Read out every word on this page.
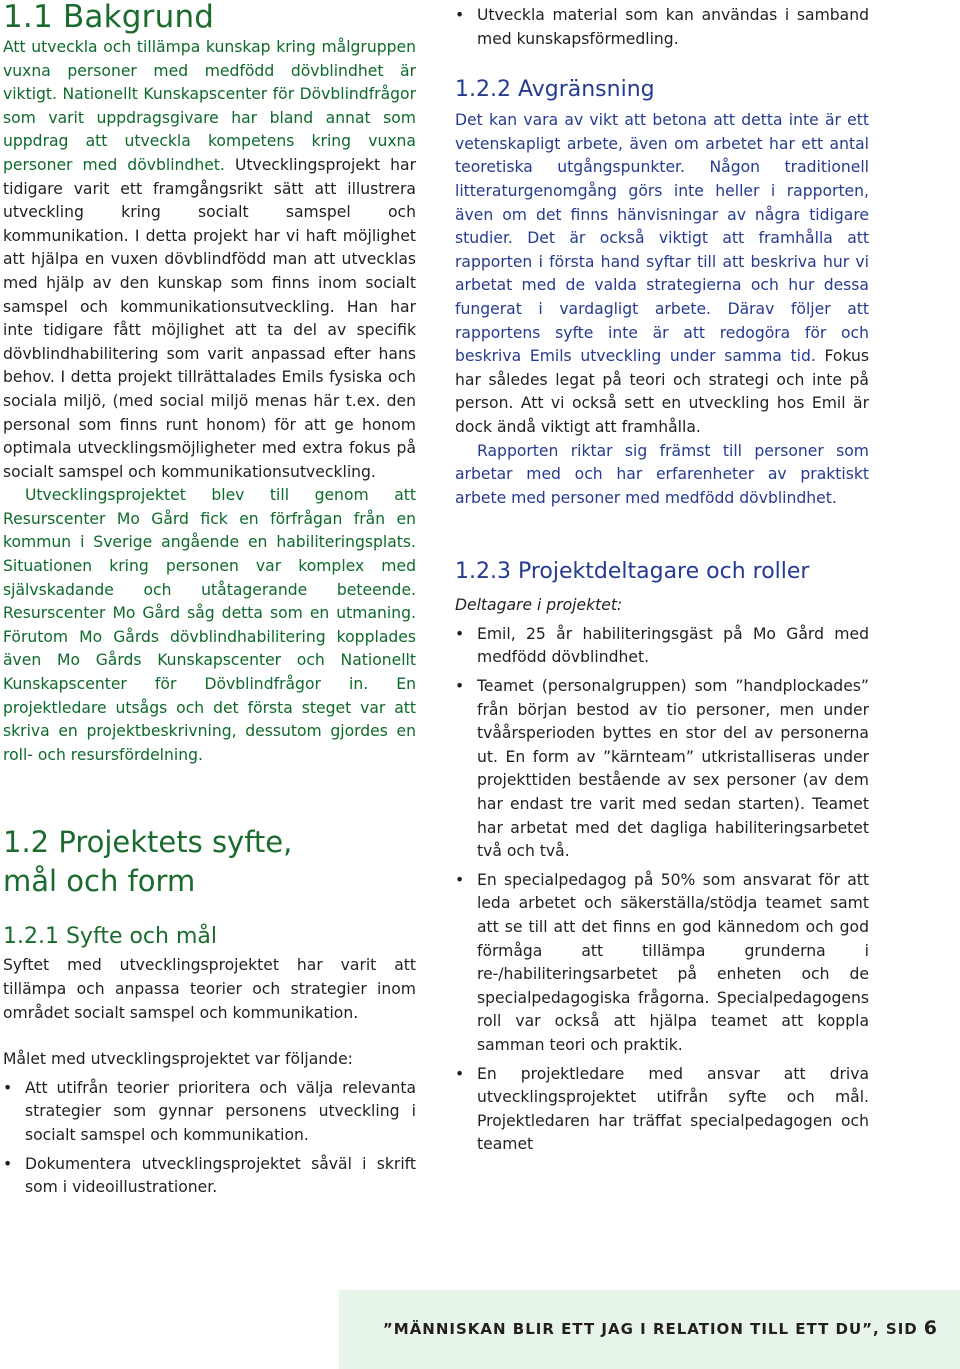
1.1 Bakgrund

Att utveckla och tillämpa kunskap kring målgruppen vuxna personer med medfödd dövblindhet är viktigt. Nationellt Kunskapscenter för Dövblindfrågor som varit uppdragsgivare har bland annat som uppdrag att utveckla kompetens kring vuxna personer med dövblindhet. Utvecklingsprojekt har tidigare varit ett framgångsrikt sätt att illustrera utveckling kring socialt samspel och kommunikation. I detta projekt har vi haft möjlighet att hjälpa en vuxen dövblindfödd man att utvecklas med hjälp av den kunskap som finns inom socialt samspel och kommunikationsutveckling. Han har inte tidigare fått möjlighet att ta del av specifik dövblindhabilitering som varit anpassad efter hans behov. I detta projekt tillrättalades Emils fysiska och sociala miljö, (med social miljö menas här t.ex. den personal som finns runt honom) för att ge honom optimala utvecklingsmöjligheter med extra fokus på socialt samspel och kommunikationsutveckling.

Utvecklingsprojektet blev till genom att Resurscenter Mo Gård fick en förfrågan från en kommun i Sverige angående en habiliteringsplats. Situationen kring personen var komplex med självskadande och utåtagerande beteende. Resurscenter Mo Gård såg detta som en utmaning. Förutom Mo Gårds dövblindhabilitering kopplades även Mo Gårds Kunskapscenter och Nationellt Kunskapscenter för Dövblindfrågor in. En projektledare utsågs och det första steget var att skriva en projektbeskrivning, dessutom gjordes en roll- och resursfördelning.

1.2 Projektets syfte, mål och form
1.2.1 Syfte och mål

Syftet med utvecklingsprojektet har varit att tillämpa och anpassa teorier och strategier inom området socialt samspel och kommunikation.

Målet med utvecklingsprojektet var följande:

• Att utifrån teorier prioritera och välja relevanta strategier som gynnar personens utveckling i socialt samspel och kommunikation.
• Dokumentera utvecklingsprojektet såväl i skrift som i videoillustrationer.
• Utveckla material som kan användas i samband med kunskapsförmedling.
1.2.2 Avgränsning

Det kan vara av vikt att betona att detta inte är ett vetenskapligt arbete, även om arbetet har ett antal teoretiska utgångspunkter. Någon traditionell litteraturgenomgång görs inte heller i rapporten, även om det finns hänvisningar av några tidigare studier. Det är också viktigt att framhålla att rapporten i första hand syftar till att beskriva hur vi arbetat med de valda strategierna och hur dessa fungerat i vardagligt arbete. Därav följer att rapportens syfte inte är att redogöra för och beskriva Emils utveckling under samma tid. Fokus har således legat på teori och strategi och inte på person. Att vi också sett en utveckling hos Emil är dock ändå viktigt att framhålla.

Rapporten riktar sig främst till personer som arbetar med och har erfarenheter av praktiskt arbete med personer med medfödd dövblindhet.

1.2.3 Projektdeltagare och roller

Deltagare i projektet:

• Emil, 25 år habiliteringsgäst på Mo Gård med medfödd dövblindhet.
• Teamet (personalgruppen) som ”handplockades” från början bestod av tio personer, men under tvåårsperioden byttes en stor del av personerna ut. En form av ”kärnteam” utkristalliseras under projekttiden bestående av sex personer (av dem har endast tre varit med sedan starten). Teamet har arbetat med det dagliga habiliteringsarbetet två och två.
• En specialpedagog på 50% som ansvarat för att leda arbetet och säkerställa/stödja teamet samt att se till att det finns en god kännedom och god förmåga att tillämpa grunderna i re-/habiliteringsarbetet på enheten och de specialpedagogiska frågorna. Specialpedagogens roll var också att hjälpa teamet att koppla samman teori och praktik.
• En projektledare med ansvar att driva utvecklingsprojektet utifrån syfte och mål. Projektledaren har träffat specialpedagogen och teamet
”MÄNNISKAN BLIR ETT JAG I RELATION TILL ETT DU”, SID 6
